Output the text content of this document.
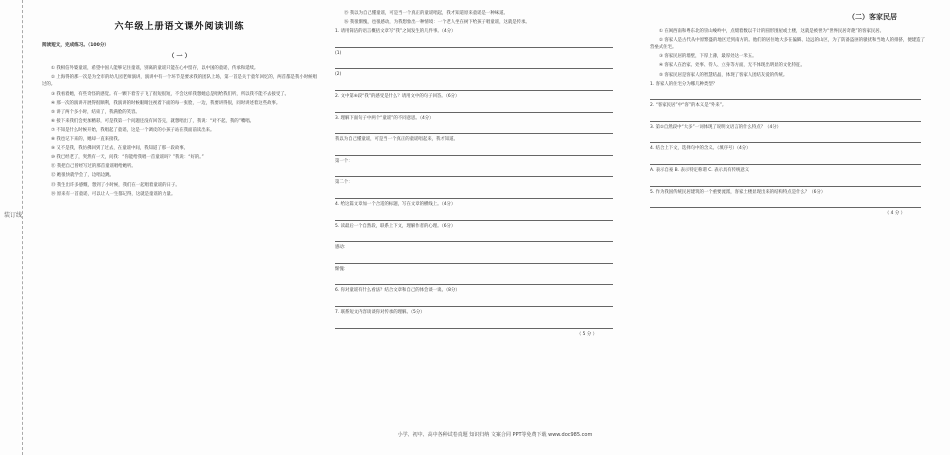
装订线
六年级上册语文课外阅读训练
阅读短文，完成练习。（100分）
（ 一 ）
① 我相信外婆童谣，希望中国人能够记住童谣，别离的童谣只能在心中留存，以中国的童谣，传承和延续。
② 上海得的那一次是为全市的幼儿园老师演讲，演讲中有一个环节是要求我的团队上场，第一首是关于童年回忆的，两首都是我小时候唱过的。
③ 我看着她，有些奇怪的感觉。有一颗下着雪子飞了很短很短，不会这样我想她总是唱给我们听，所以我不能不去接受了。
④ 那一次的演讲开展得很顺利，我演讲的时候眼睛注视着下面的每一张脸，一边，我要讲得很，同时讲述着这些故事。
⑤ 讲了两个多小时，结束了，我满脸的笑容。
⑥ 接下来我们会更加精彩，可是我第一个问题还没有回答完，就想唱出了，我说：“对不起，我的”嘴唱。
⑦ 不知是什么时候开始，我唱起了童谣，这是一个调皮的小孩子站在我面前读出来。
⑧ 我也记下来的，她却一直来接我。
⑨ 又不是我，我仿佛回到了过去，在童谣中间，我知道了那一段故事。
⑩ 我已经老了，突然有一天，问我：“你能给我唱一首童谣吗？”我说：“好的。”
⑪ 我把自己曾经写过的那首童谣唱给她听。
⑫ 她很快就学会了，边唱边跳。
⑬ 我生出许多感慨，想到了小时候，我们在一起唱着童谣的日子。
⑭ 原来有一首童谣，可以让人一生都记得，这就是童谣的力量。
⑮ 我以为自己懂童谣，可是当一个真正的童谣唱起，我才知道原来童谣是一种味道。
⑯ 我很惭愧，也很感动，为我想象出一种情境：一个老人坐在树下给孩子唱童谣，这就是传承。
1. 请用简洁的语言概括文章写“我”之间发生的几件事。（4分）
(1)
(2)
2. 文中第⑥段“我”的感受是什么？请用文中的句子回答。（6分）
3. 理解下面句子中两个“童谣”的不同意思。（4分）
我以为自己懂童谣，可是当一个真正的童谣唱起来，我才知道。
第一个：
第二个：
4. 给这篇文章加一个合适的标题，写在文章的横线上。（4分）
5. 读最后一个自然段，联系上下文，理解作者的心理。（6分）
感动：
惭愧：
6. 你对童谣有什么看法？结合文章和自己的体会谈一谈。（8分）
7. 联系短文内容谈谈你对传承的理解。（5分）
（ 5 分 ）
（二）客家民居
① 在闽西南和粤东北的崇山峻岭中，点缀着数以千计的圆形围屋或土楼，这就是被誉为“世界民居奇葩”的客家民居。
② 客家人是古代从中原繁盛的地区迁到南方的。他们的居住地大多在偏僻、边远的山区，为了防备盗匪的骚扰和当地人的排挤，便建造了营垒式住宅。
③ 客家民居的墙壁，下厚上薄，最厚处达一米五。
④ 客家人在治家、处事、待人、立身等方面，无不体现出明显的文化特征。
⑤ 客家民居是客家人的智慧结晶，体现了客家人团结友爱的传统。
1. 客家人的住宅分为哪几种类型？
2. “客家民居”中“客”的本义是“外来”。
3. 第②自然段中“大多”一词体现了说明文语言的什么特点？（4分）
4. 结合上下文，选择句中的含义。（填序号）（4分）
A. 表示自豪 B. 表示特定称谓 C. 表示具有传统意义
5. 作为我国传统民居建筑的一个重要流派，客家土楼显现出来的结构特点是什么？（6分）
（ 4 分 ）
小学、初中、高中各种试卷真题 知识归纳 文案合同 PPT等免费下载 www.doc985.com
